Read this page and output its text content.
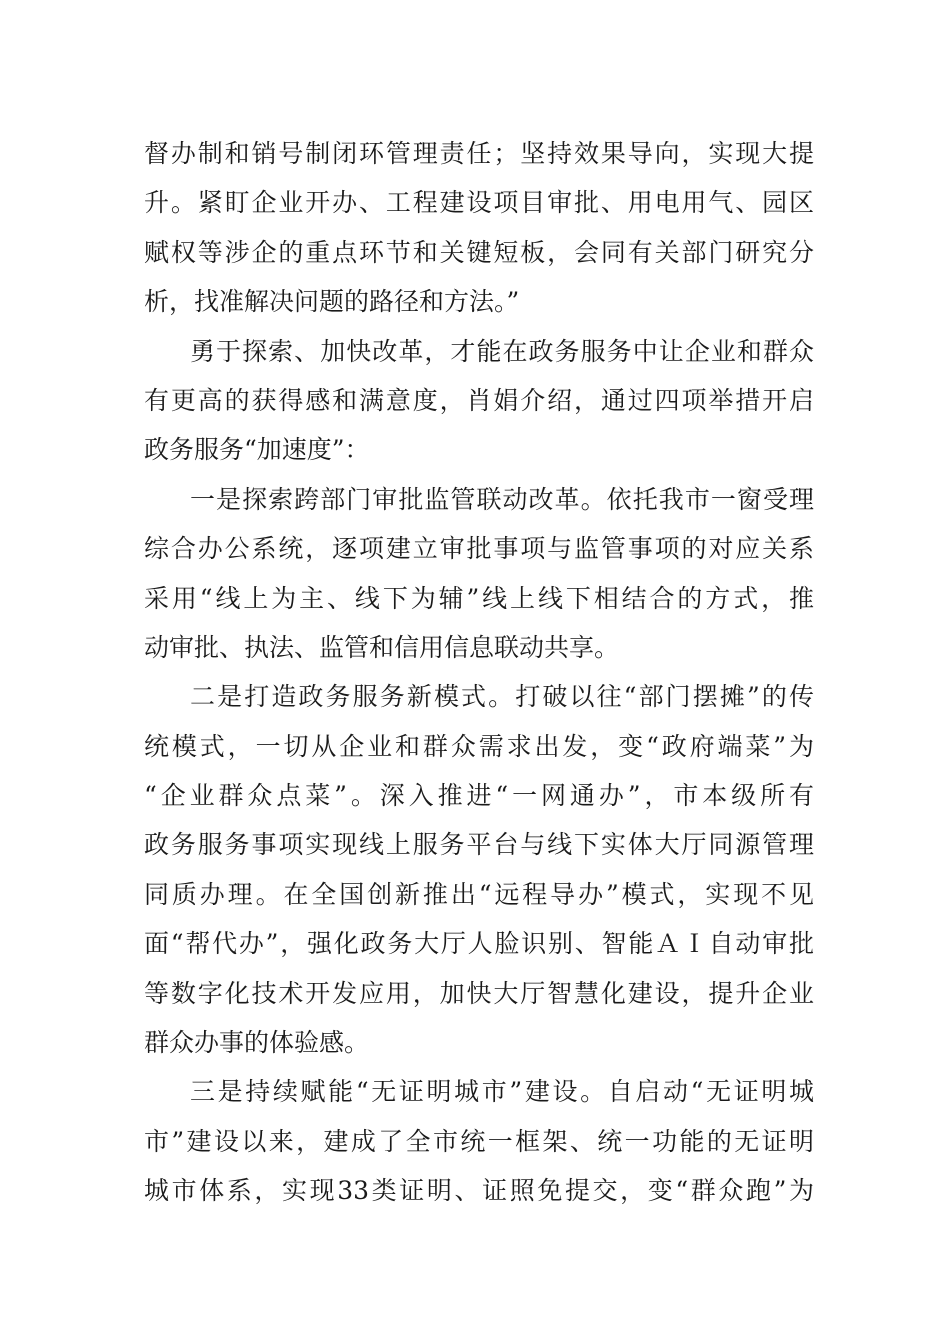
督办制和销号制闭环管理责任；坚持效果导向，实现大提
升。紧盯企业开办、工程建设项目审批、用电用气、园区
赋权等涉企的重点环节和关键短板，会同有关部门研究分
析，找准解决问题的路径和方法。”
勇于探索、加快改革，才能在政务服务中让企业和群众
有更高的获得感和满意度，肖娟介绍，通过四项举措开启
政务服务“加速度”：
一是探索跨部门审批监管联动改革。依托我市一窗受理
综合办公系统，逐项建立审批事项与监管事项的对应关系
采用“线上为主、线下为辅”线上线下相结合的方式，推
动审批、执法、监管和信用信息联动共享。
二是打造政务服务新模式。打破以往“部门摆摊”的传
统模式，一切从企业和群众需求出发，变“政府端菜”为
“企业群众点菜”。深入推进“一网通办”，市本级所有
政务服务事项实现线上服务平台与线下实体大厅同源管理
同质办理。在全国创新推出“远程导办”模式，实现不见
面“帮代办”，强化政务大厅人脸识别、智能ＡＩ自动审批
等数字化技术开发应用，加快大厅智慧化建设，提升企业
群众办事的体验感。
三是持续赋能“无证明城市”建设。自启动“无证明城
市”建设以来，建成了全市统一框架、统一功能的无证明
城市体系，实现33类证明、证照免提交，变“群众跑”为
